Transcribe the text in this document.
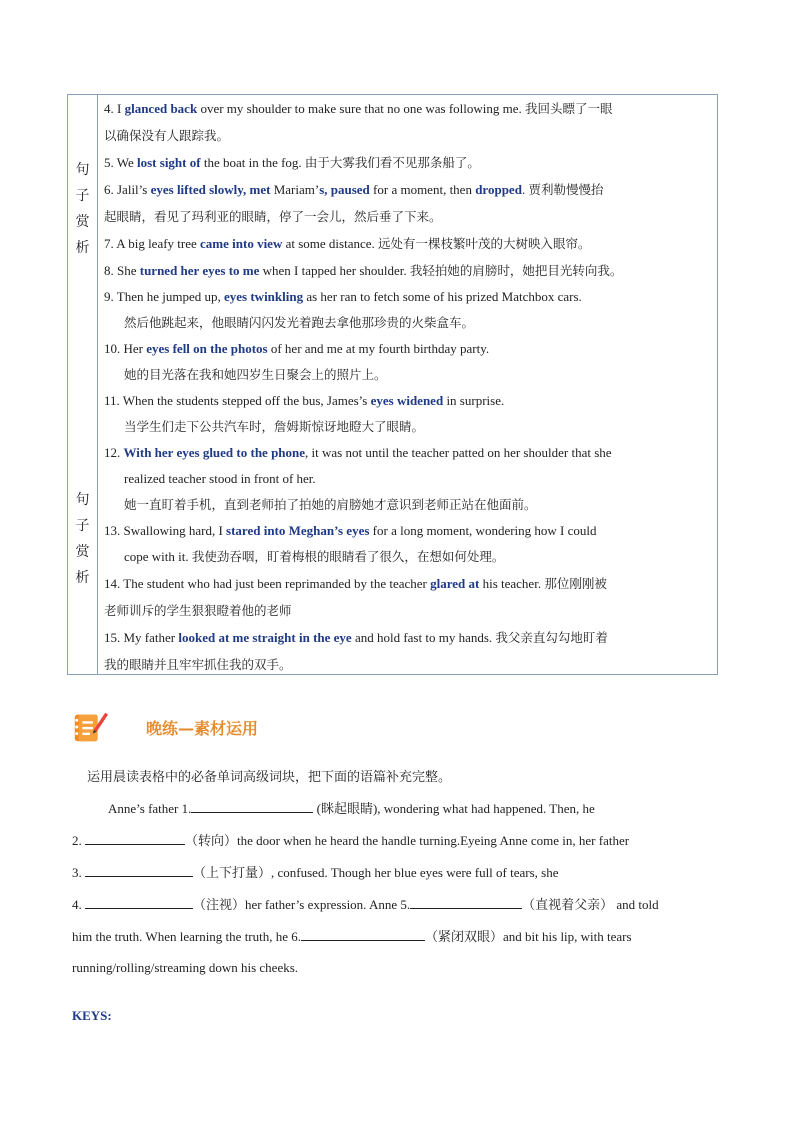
句
子
赏
析
句
子
赏
析

4. I glanced back over my shoulder to make sure that no one was following me. 我回头瞟了一眼

以确保没有人跟踪我。

5. We lost sight of the boat in the fog. 由于大雾我们看不见那条船了。

6. Jalil’s eyes lifted slowly, met Mariam’s, paused for a moment, then dropped. 贾利勒慢慢抬

起眼睛，看见了玛利亚的眼睛，停了一会儿，然后垂了下来。

7. A big leafy tree came into view at some distance. 远处有一棵枝繁叶茂的大树映入眼帘。

8. She turned her eyes to me when I tapped her shoulder. 我轻拍她的肩膀时，她把目光转向我。

9. Then he jumped up, eyes twinkling as her ran to fetch some of his prized Matchbox cars.

然后他跳起来，他眼睛闪闪发光着跑去拿他那珍贵的火柴盒车。

10. Her eyes fell on the photos of her and me at my fourth birthday party.

她的目光落在我和她四岁生日聚会上的照片上。

11. When the students stepped off the bus, James’s eyes widened in surprise.

当学生们走下公共汽车时，詹姆斯惊讶地瞪大了眼睛。

12. With her eyes glued to the phone, it was not until the teacher patted on her shoulder that she

realized teacher stood in front of her.

她一直盯着手机，直到老师拍了拍她的肩膀她才意识到老师正站在他面前。

13. Swallowing hard, I stared into Meghan’s eyes for a long moment, wondering how I could

cope with it. 我使劲吞咽，盯着梅根的眼睛看了很久，在想如何处理。

14. The student who had just been reprimanded by the teacher glared at his teacher. 那位刚刚被

老师训斥的学生狠狠瞪着他的老师

15. My father looked at me straight in the eye and hold fast to my hands. 我父亲直勾勾地盯着

我的眼睛并且牢牢抓住我的双手。

晚练—素材运用
运用晨读表格中的必备单词高级词块，把下面的语篇补充完整。
Anne’s father 1.	(眯起眼睛), wondering what had happened. Then, he
2.	（转向）the door when he heard the handle turning.Eyeing Anne come in, her father
3.	（上下打量）, confused. Though her blue eyes were full of tears, she
4.	（注视）her father’s expression. Anne 5.	（直视着父亲） and told
him the truth. When learning the truth, he 6.	（紧闭双眼）and bit his lip, with tears
running/rolling/streaming down his cheeks.
KEYS:
